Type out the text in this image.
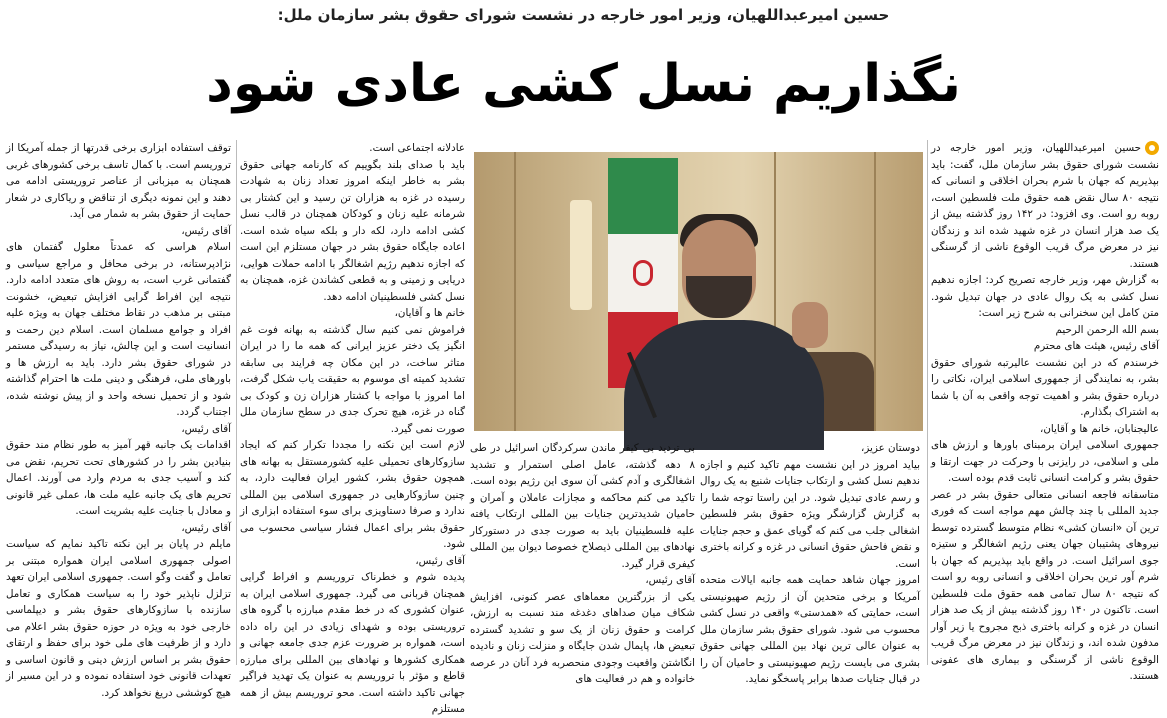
حسین امیرعبداللهیان، وزیر امور خارجه در نشست شورای حقوق بشر سازمان ملل:
نگذاریم نسل کشی عادی شود

حسین امیرعبداللهیان، وزیر امور خارجه در نشست شورای حقوق بشر سازمان ملل، گفت: باید بپذیریم که جهان با شرم بحران اخلاقی و انسانی که نتیجه ۸۰ سال نقض همه حقوق ملت فلسطین است، روبه رو است. وی افزود: در ۱۴۲ روز گذشته بیش از یک صد هزار انسان در غزه شهید شده اند و زندگان نیز در معرض مرگ قریب الوقوع ناشی از گرسنگی هستند.

به گزارش مهر، وزیر خارجه تصریح کرد: اجازه ندهیم نسل کشی به یک روال عادی در جهان تبدیل شود. متن کامل این سخنرانی به شرح زیر است:

بسم الله الرحمن الرحیم

آقای رئیس، هیئت های محترم

خرسندم که در این نشست عالیرتبه شورای حقوق بشر، به نمایندگی از جمهوری اسلامی ایران، نکاتی را درباره حقوق بشر و اهمیت توجه واقعی به آن با شما به اشتراک بگذارم.

عالیجنابان، خانم ها و آقایان،

جمهوری اسلامی ایران برمبنای باورها و ارزش های ملی و اسلامی، در رایزنی با وحرکت در جهت ارتقا و حقوق بشر و کرامت انسانی ثابت قدم بوده است.

متاسفانه فاجعه انسانی متعالی حقوق بشر در عصر جدید المللی با چند چالش مهم مواجه است که فوری ترین آن «انسان کشی» نظام متوسط گسترده توسط نیروهای پشتیبان جهان یعنی رژیم اشغالگر و ستیزه جوی اسرائیل است. در واقع باید بپذیریم که جهان با شرم آور ترین بحران اخلاقی و انسانی روبه رو است که نتیجه ۸۰ سال تمامی همه حقوق ملت فلسطین است. تاکنون در ۱۴۰ روز گذشته بیش از یک صد هزار انسان در غزه و کرانه باختری ذبح مجروح یا زیر آوار مدفون شده اند، و زندگان نیز در معرض مرگ قریب الوقوع ناشی از گرسنگی و بیماری های عفونی هستند.

دوستان عزیز،

بیاید امروز در این نشست مهم تاکید کنیم و اجازه ندهیم نسل کشی و ارتکاب جنایات شنیع به یک روال و رسم عادی تبدیل شود. در این راستا توجه شما را به گزارش گزارشگر ویژه حقوق بشر فلسطین اشغالی جلب می کنم که گویای عمق و حجم جنایات و نقض فاحش حقوق انسانی در غزه و کرانه باختری است.

امروز جهان شاهد حمایت همه جانبه ایالات متحده آمریکا و برخی متحدین آن از رژیم صهیونیستی است، حمایتی که «همدستی» واقعی در نسل کشی محسوب می شود. شورای حقوق بشر سازمان ملل به عنوان عالی ترین نهاد بین المللی جهانی حقوق بشری می بایست رژیم صهیونیستی و حامیان آن را در قبال جنایات صدها برابر پاسخگو نماید.

بی تردید بی کیفر ماندن سرکردگان اسرائیل در طی ۸ دهه گذشته، عامل اصلی استمرار و تشدید اشغالگری و آدم کشی آن سوی این رژیم بوده است. تاکید می کنم محاکمه و مجازات عاملان و آمران و حامیان شدیدترین جنایات بین المللی ارتکاب یافته علیه فلسطینیان باید به صورت جدی در دستورکار نهادهای بین المللی ذیصلاح خصوصا دیوان بین المللی کیفری قرار گیرد.

آقای رئیس،

یکی از بزرگترین معماهای عصر کنونی، افزایش شکاف میان صداهای دغدغه مند نسبت به ارزش، کرامت و حقوق زنان از یک سو و تشدید گسترده تبعیض ها، پایمال شدن جایگاه و منزلت زنان و نادیده انگاشتن واقعیت وجودی منحصربه فرد آنان در عرصه خانواده و هم در فعالیت های

عادلانه اجتماعی است.

باید با صدای بلند بگوییم که کارنامه جهانی حقوق بشر به خاطر اینکه امروز تعداد زنان به شهادت رسیده در غزه به هزاران تن رسید و این کشتار بی شرمانه علیه زنان و کودکان همچنان در قالب نسل کشی ادامه دارد، لکه دار و بلکه سیاه شده است. اعاده جایگاه حقوق بشر در جهان مستلزم این است که اجازه ندهیم رژیم اشغالگر با ادامه حملات هوایی، دریایی و زمینی و به قطعی کشاندن غزه، همچنان به نسل کشی فلسطینیان ادامه دهد.

خانم ها و آقایان،

فراموش نمی کنیم سال گذشته به بهانه فوت غم انگیز یک دختر عزیز ایرانی که همه ما را در ایران متاثر ساخت، در این مکان چه فرایند بی سابقه تشدید کمیته ای موسوم به حقیقت یاب شکل گرفت، اما امروز با مواجه با کشتار هزاران زن و کودک بی گناه در غزه، هیچ تحرک جدی در سطح سازمان ملل صورت نمی گیرد.

لازم است این نکته را مجددا تکرار کنم که ایجاد سازوکارهای تحمیلی علیه کشورمستقل به بهانه های همچون حقوق بشر، کشور ایران فعالیت دارد، به چنین سازوکارهایی در جمهوری اسلامی بین المللی ندارد و صرفا دستاویزی برای سوء استفاده ابزاری از حقوق بشر برای اعمال فشار سیاسی محسوب می شود.

آقای رئیس،

پدیده شوم و خطرناک تروریسم و افراط گرایی همچنان قربانی می گیرد. جمهوری اسلامی ایران به عنوان کشوری که در خط مقدم مبارزه با گروه های تروریستی بوده و شهدای زیادی در این راه داده است، همواره بر ضرورت عزم جدی جامعه جهانی و همکاری کشورها و نهادهای بین المللی برای مبارزه قاطع و مؤثر با تروریسم به عنوان یک تهدید فراگیر جهانی تاکید داشته است. محو تروریسم بیش از همه مستلزم

توقف استفاده ابزاری برخی قدرتها از جمله آمریکا از تروریسم است. با کمال تاسف برخی کشورهای غربی همچنان به میزبانی از عناصر تروریستی ادامه می دهند و این نمونه دیگری از تناقض و ریاکاری در شعار حمایت از حقوق بشر به شمار می آید.

آقای رئیس،

اسلام هراسی که عمدتاً معلول گفتمان های نژادپرستانه، در برخی محافل و مراجع سیاسی و گفتمانی غرب است، به روش های متعدد ادامه دارد. نتیجه این افراط گرایی افزایش تبعیض، خشونت مبتنی بر مذهب در نقاط مختلف جهان به ویژه علیه افراد و جوامع مسلمان است. اسلام دین رحمت و انسانیت است و این چالش، نیاز به رسیدگی مستمر در شورای حقوق بشر دارد. باید به ارزش ها و باورهای ملی، فرهنگی و دینی ملت ها احترام گذاشته شود و از تحمیل نسخه واحد و از پیش نوشته شده، اجتناب گردد.

آقای رئیس،

اقدامات یک جانبه قهر آمیز به طور نظام مند حقوق بنیادین بشر را در کشورهای تحت تحریم، نقض می کند و آسیب جدی به مردم وارد می آورند. اعمال تحریم های یک جانبه علیه ملت ها، عملی غیر قانونی و معادل با جنایت علیه بشریت است.

آقای رئیس،

مایلم در پایان بر این نکته تاکید نمایم که سیاست اصولی جمهوری اسلامی ایران همواره مبتنی بر تعامل و گفت وگو است. جمهوری اسلامی ایران تعهد تزلزل ناپذیر خود را به سیاست همکاری و تعامل سازنده با سازوکارهای حقوق بشر و دیپلماسی خارجی خود به ویژه در حوزه حقوق بشر اعلام می دارد و از ظرفیت های ملی خود برای حفظ و ارتقای حقوق بشر بر اساس ارزش دینی و قانون اساسی و تعهدات قانونی خود استفاده نموده و در این مسیر از هیچ کوششی دریغ نخواهد کرد.
